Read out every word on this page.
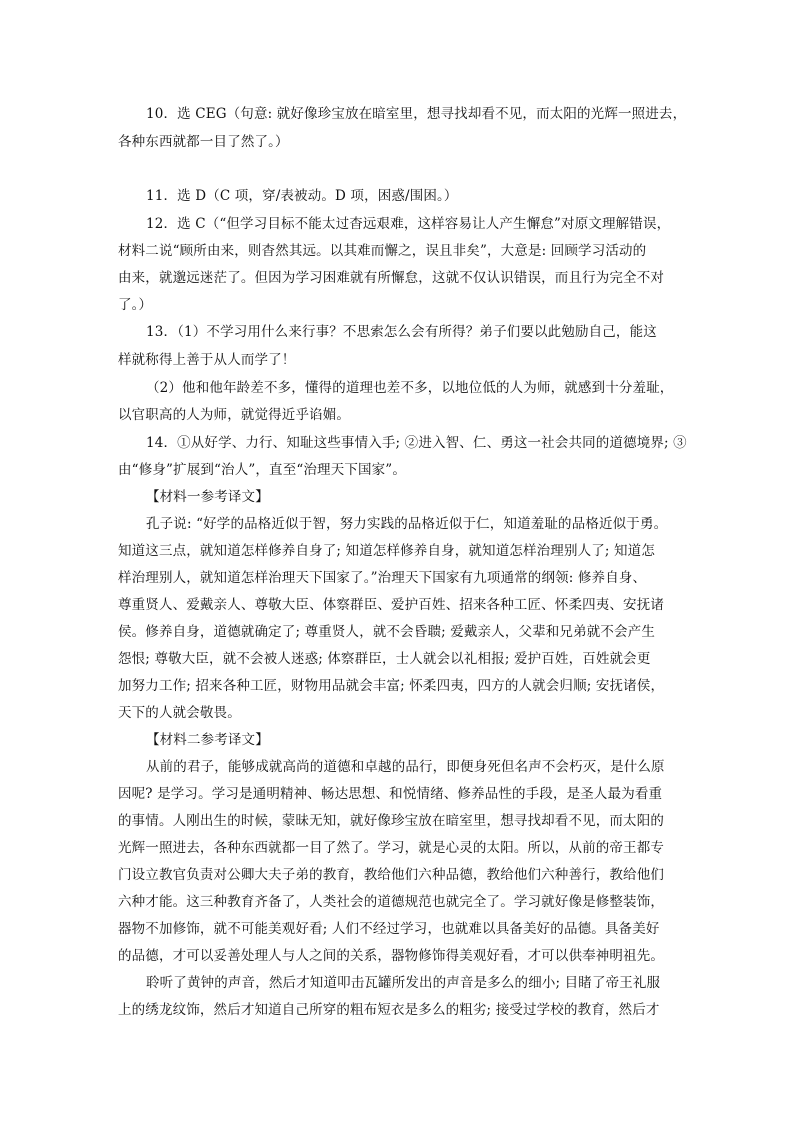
10．选 CEG（句意: 就好像珍宝放在暗室里，想寻找却看不见，而太阳的光辉一照进去，
各种东西就都一目了然了。）
11．选 D（C 项，穿/表被动。D 项，困惑/围困。）
12．选 C（“但学习目标不能太过杳远艰难，这样容易让人产生懈怠”对原文理解错误，
材料二说“顾所由来，则杳然其远。以其难而懈之，误且非矣”，大意是: 回顾学习活动的
由来，就邈远迷茫了。但因为学习困难就有所懈怠，这就不仅认识错误，而且行为完全不对
了。）
13．（1）不学习用什么来行事？不思索怎么会有所得？弟子们要以此勉励自己，能这
样就称得上善于从人而学了！
（2）他和他年龄差不多，懂得的道理也差不多，以地位低的人为师，就感到十分羞耻，
以官职高的人为师，就觉得近乎谄媚。
14．①从好学、力行、知耻这些事情入手; ②进入智、仁、勇这一社会共同的道德境界; ③
由“修身”扩展到“治人”，直至“治理天下国家”。
【材料一参考译文】
孔子说: “好学的品格近似于智，努力实践的品格近似于仁，知道羞耻的品格近似于勇。
知道这三点，就知道怎样修养自身了; 知道怎样修养自身，就知道怎样治理别人了; 知道怎
样治理别人，就知道怎样治理天下国家了。”治理天下国家有九项通常的纲领: 修养自身、
尊重贤人、爱戴亲人、尊敬大臣、体察群臣、爱护百姓、招来各种工匠、怀柔四夷、安抚诸
侯。修养自身，道德就确定了; 尊重贤人，就不会昏聩; 爱戴亲人，父辈和兄弟就不会产生
怨恨; 尊敬大臣，就不会被人迷惑; 体察群臣，士人就会以礼相报; 爱护百姓，百姓就会更
加努力工作; 招来各种工匠，财物用品就会丰富; 怀柔四夷，四方的人就会归顺; 安抚诸侯，
天下的人就会敬畏。
【材料二参考译文】
从前的君子，能够成就高尚的道德和卓越的品行，即便身死但名声不会朽灭，是什么原
因呢? 是学习。学习是通明精神、畅达思想、和悦情绪、修养品性的手段，是圣人最为看重
的事情。人刚出生的时候，蒙昧无知，就好像珍宝放在暗室里，想寻找却看不见，而太阳的
光辉一照进去，各种东西就都一目了然了。学习，就是心灵的太阳。所以，从前的帝王都专
门设立教官负责对公卿大夫子弟的教育，教给他们六种品德，教给他们六种善行，教给他们
六种才能。这三种教育齐备了，人类社会的道德规范也就完全了。学习就好像是修整装饰，
器物不加修饰，就不可能美观好看; 人们不经过学习，也就难以具备美好的品德。具备美好
的品德，才可以妥善处理人与人之间的关系，器物修饰得美观好看，才可以供奉神明祖先。
聆听了黄钟的声音，然后才知道叩击瓦罐所发出的声音是多么的细小; 目睹了帝王礼服
上的绣龙纹饰，然后才知道自己所穿的粗布短衣是多么的粗劣; 接受过学校的教育，然后才
